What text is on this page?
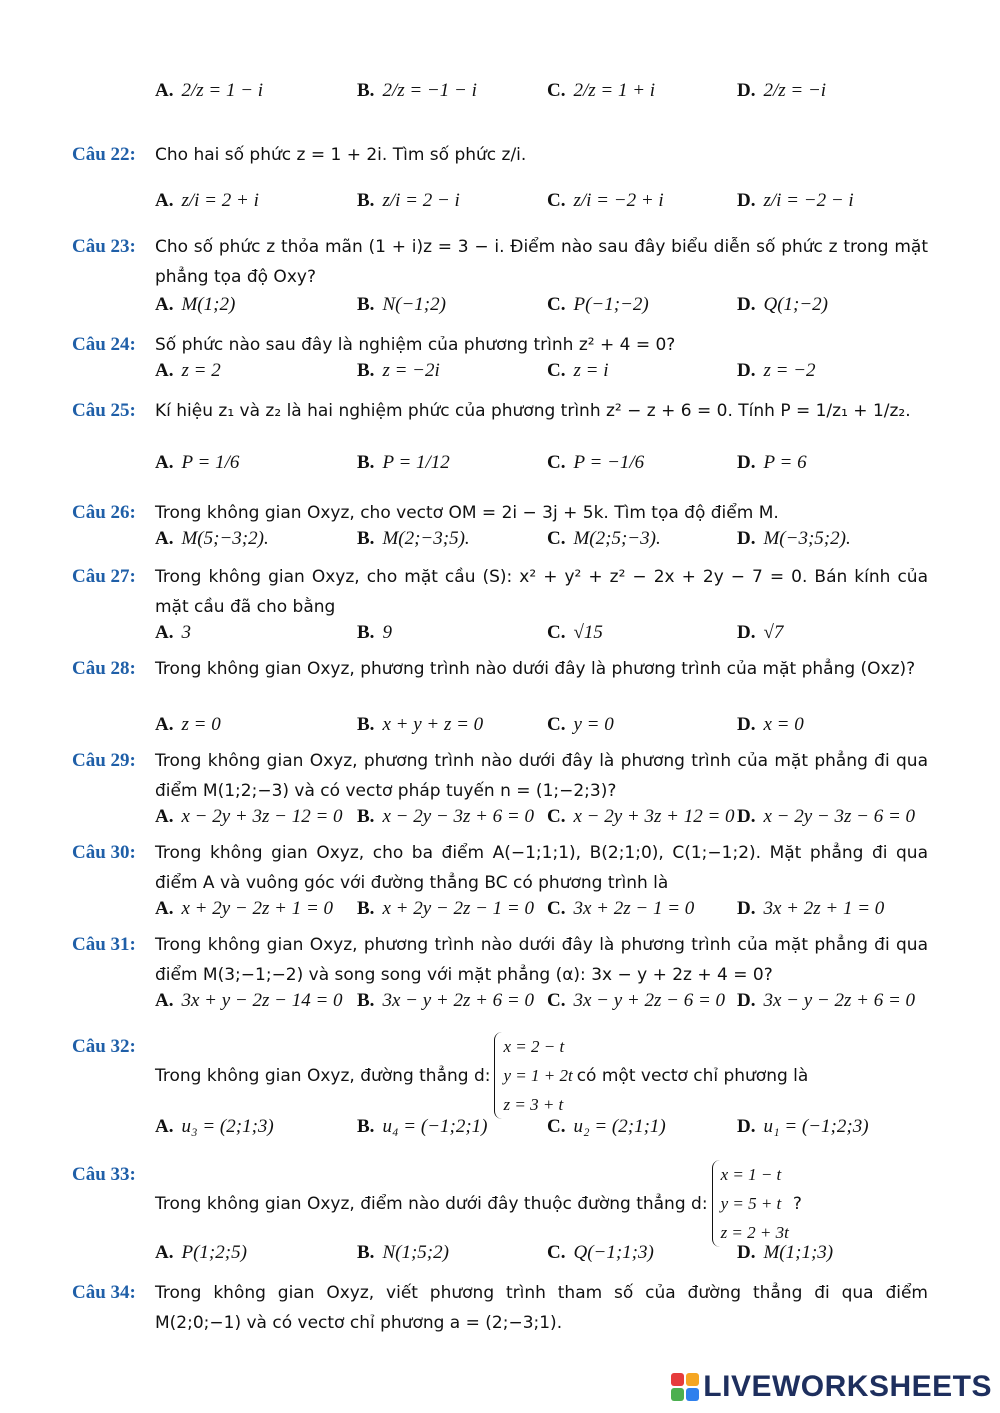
A. 2/z = 1 − i	B. 2/z = −1 − i	C. 2/z = 1 + i	D. 2/z = −i
Câu 22: Cho hai số phức z = 1 + 2i. Tìm số phức z/i.
A. z/i = 2 + i	B. z/i = 2 − i	C. z/i = −2 + i	D. z/i = −2 − i
Câu 23: Cho số phức z thỏa mãn (1 + i)z = 3 − i. Điểm nào sau đây biểu diễn số phức z trong mặt phẳng tọa độ Oxy?
A. M(1;2)	B. N(−1;2)	C. P(−1;−2)	D. Q(1;−2)
Câu 24: Số phức nào sau đây là nghiệm của phương trình z² + 4 = 0?
A. z = 2	B. z = −2i	C. z = i	D. z = −2
Câu 25: Kí hiệu z₁ và z₂ là hai nghiệm phức của phương trình z² − z + 6 = 0. Tính P = 1/z₁ + 1/z₂.
A. P = 1/6	B. P = 1/12	C. P = −1/6	D. P = 6
Câu 26: Trong không gian Oxyz, cho vectơ OM = 2i − 3j + 5k. Tìm tọa độ điểm M.
A. M(5;−3;2).	B. M(2;−3;5).	C. M(2;5;−3).	D. M(−3;5;2).
Câu 27: Trong không gian Oxyz, cho mặt cầu (S): x² + y² + z² − 2x + 2y − 7 = 0. Bán kính của mặt cầu đã cho bằng
A. 3	B. 9	C. √15	D. √7
Câu 28: Trong không gian Oxyz, phương trình nào dưới đây là phương trình của mặt phẳng (Oxz)?
A. z = 0	B. x + y + z = 0	C. y = 0	D. x = 0
Câu 29: Trong không gian Oxyz, phương trình nào dưới đây là phương trình của mặt phẳng đi qua điểm M(1;2;−3) và có vectơ pháp tuyến n = (1;−2;3)?
A. x − 2y + 3z − 12 = 0 B. x − 2y − 3z + 6 = 0 C. x − 2y + 3z + 12 = 0 D. x − 2y − 3z − 6 = 0
Câu 30: Trong không gian Oxyz, cho ba điểm A(−1;1;1), B(2;1;0), C(1;−1;2). Mặt phẳng đi qua điểm A và vuông góc với đường thẳng BC có phương trình là
A. x + 2y − 2z + 1 = 0 B. x + 2y − 2z − 1 = 0 C. 3x + 2z − 1 = 0 D. 3x + 2z + 1 = 0
Câu 31: Trong không gian Oxyz, phương trình nào dưới đây là phương trình của mặt phẳng đi qua điểm M(3;−1;−2) và song song với mặt phẳng (α): 3x − y + 2z + 4 = 0?
A. 3x + y − 2z − 14 = 0 B. 3x − y + 2z + 6 = 0 C. 3x − y + 2z − 6 = 0 D. 3x − y − 2z + 6 = 0
Câu 32:
Trong không gian Oxyz, đường thẳng d:
x = 2 − t
y = 1 + 2t
z = 3 + t
có một vectơ chỉ phương là
A. u₃ = (2;1;3)	B. u₄ = (−1;2;1)	C. u₂ = (2;1;1)	D. u₁ = (−1;2;3)
Câu 33:
Trong không gian Oxyz, điểm nào dưới đây thuộc đường thẳng d:
x = 1 − t
y = 5 + t
z = 2 + 3t
?
A. P(1;2;5)	B. N(1;5;2)	C. Q(−1;1;3)	D. M(1;1;3)
Câu 34: Trong không gian Oxyz, viết phương trình tham số của đường thẳng đi qua điểm M(2;0;−1) và có vectơ chỉ phương a = (2;−3;1).
LIVEWORKSHEETS
